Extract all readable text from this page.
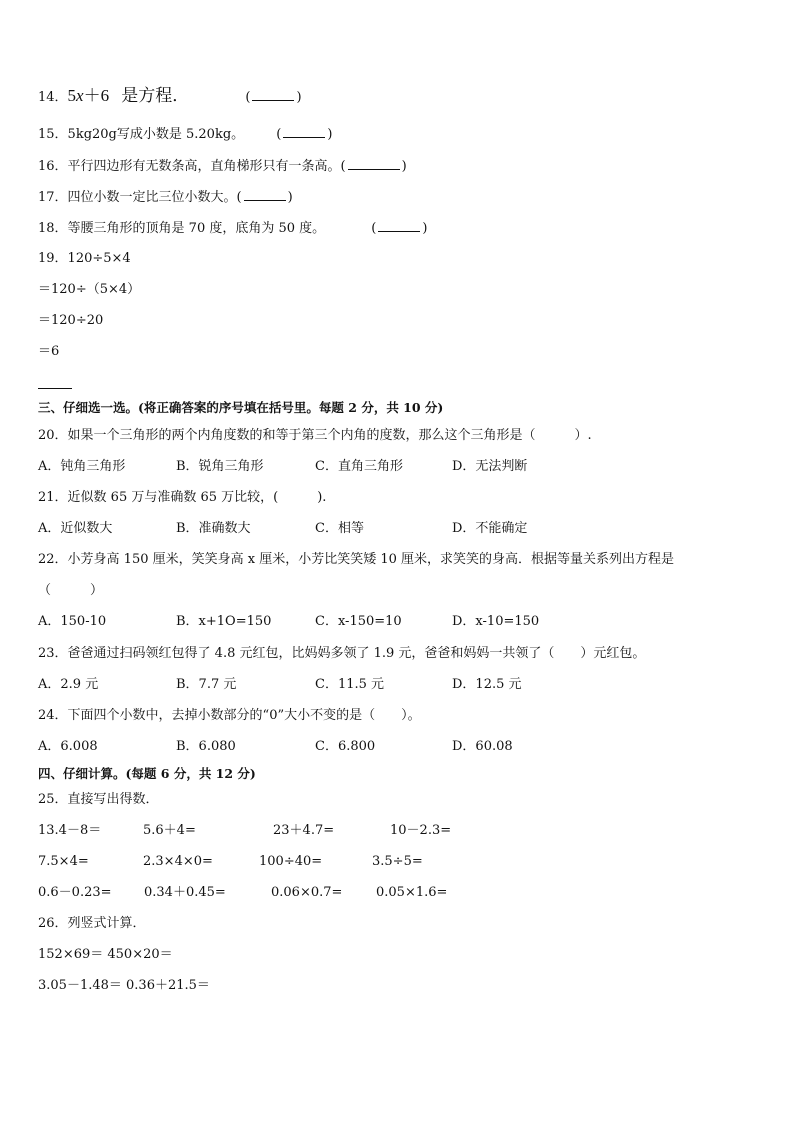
14．5x＋6 是方程．	(	)
15．5kg20g写成小数是 5.20kg。 (	)
16．平行四边形有无数条高，直角梯形只有一条高。(	)
17．四位小数一定比三位小数大。(	)
18．等腰三角形的顶角是 70 度，底角为 50 度。	(	)
19．120÷5×4
＝120÷（5×4）
＝120÷20
＝6
三、仔细选一选。(将正确答案的序号填在括号里。每题 2 分，共 10 分)
20．如果一个三角形的两个内角度数的和等于第三个内角的度数，那么这个三角形是（　　　）.
A．钝角三角形	B．锐角三角形	C．直角三角形	D．无法判断
21．近似数 65 万与准确数 65 万比较，(　　　).
A．近似数大	B．准确数大	C．相等	D．不能确定
22．小芳身高 150 厘米，笑笑身高 x 厘米，小芳比笑笑矮 10 厘米，求笑笑的身高．根据等量关系列出方程是
（　　　）
A．150-10	B．x+1O=150	C．x-150=10	D．x-10=150
23．爸爸通过扫码领红包得了 4.8 元红包，比妈妈多领了 1.9 元，爸爸和妈妈一共领了（　　）元红包。
A．2.9 元	B．7.7 元	C．11.5 元	D．12.5 元
24．下面四个小数中，去掉小数部分的“0”大小不变的是（　　）。
A．6.008	B．6.080	C．6.800	D．60.08
四、仔细计算。(每题 6 分，共 12 分)
25．直接写出得数．
13.4－8＝	5.6＋4=	23＋4.7=	10－2.3=
7.5×4=	2.3×4×0=	100÷40=	3.5÷5=
0.6－0.23= 0.34＋0.45=	0.06×0.7=	0.05×1.6=
26．列竖式计算．
152×69＝ 450×20＝
3.05－1.48＝ 0.36＋21.5＝
